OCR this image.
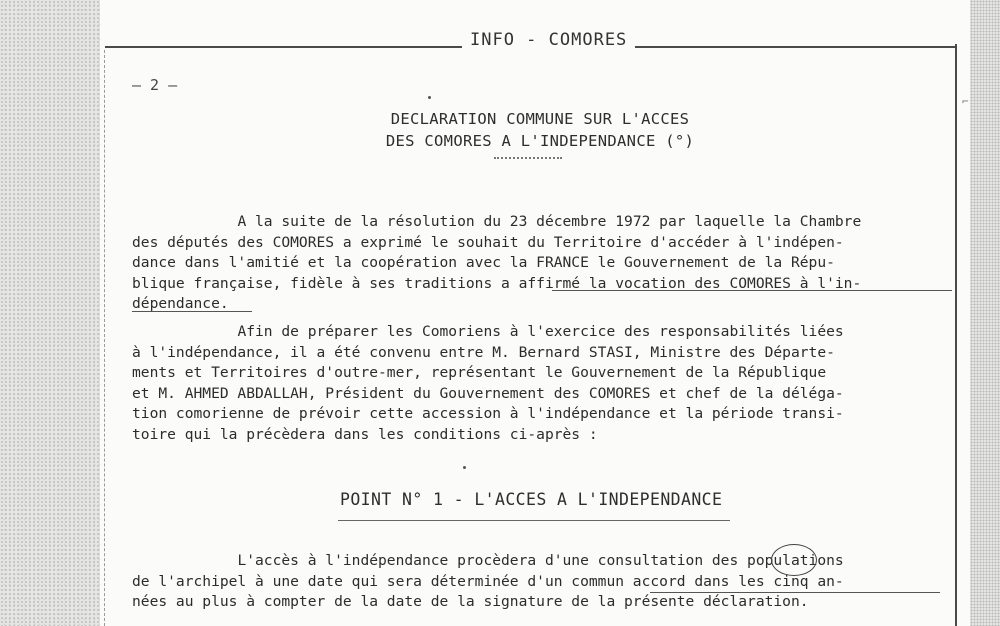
INFO - COMORES
– 2 –
DECLARATION COMMUNE SUR L'ACCES
DES COMORES A L'INDEPENDANCE (°)
A la suite de la résolution du 23 décembre 1972 par laquelle la Chambre
des députés des COMORES a exprimé le souhait du Territoire d'accéder à l'indépen-
dance dans l'amitié et la coopération avec la FRANCE le Gouvernement de la Répu-
blique française, fidèle à ses traditions a affirmé la vocation des COMORES à l'in-
dépendance.
Afin de préparer les Comoriens à l'exercice des responsabilités liées
à l'indépendance, il a été convenu entre M. Bernard STASI, Ministre des Départe-
ments et Territoires d'outre-mer, représentant le Gouvernement de la République
et M. AHMED ABDALLAH, Président du Gouvernement des COMORES et chef de la déléga-
tion comorienne de prévoir cette accession à l'indépendance et la période transi-
toire qui la précèdera dans les conditions ci-après :
POINT N° 1 - L'ACCES A L'INDEPENDANCE
L'accès à l'indépendance procèdera d'une consultation des populations
de l'archipel à une date qui sera déterminée d'un commun accord dans les cinq an-
nées au plus à compter de la date de la signature de la présente déclaration.
⌐
